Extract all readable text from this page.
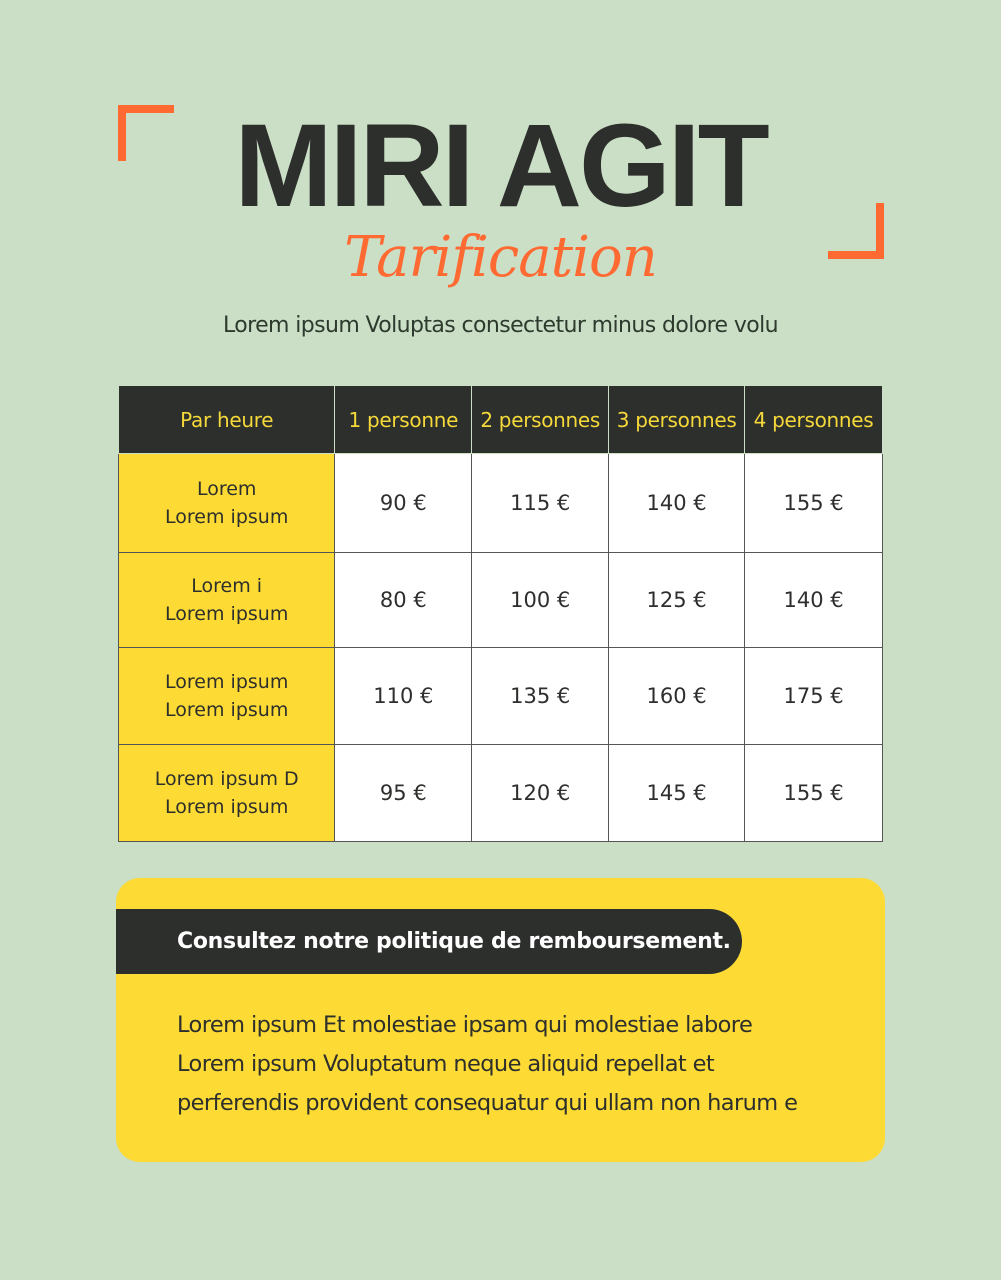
MIRI AGIT
Tarification
Lorem ipsum Voluptas consectetur minus dolore volu
Par heure	1 personne	2 personnes	3 personnes	4 personnes

Lorem
Lorem ipsum	90 €	115 €	140 €	155 €

Lorem i
Lorem ipsum	80 €	100 €	125 €	140 €

Lorem ipsum
Lorem ipsum	110 €	135 €	160 €	175 €

Lorem ipsum D
Lorem ipsum	95 €	120 €	145 €	155 €
Consultez notre politique de remboursement.
Lorem ipsum Et molestiae ipsam qui molestiae labore
Lorem ipsum Voluptatum neque aliquid repellat et
perferendis provident consequatur qui ullam non harum e
